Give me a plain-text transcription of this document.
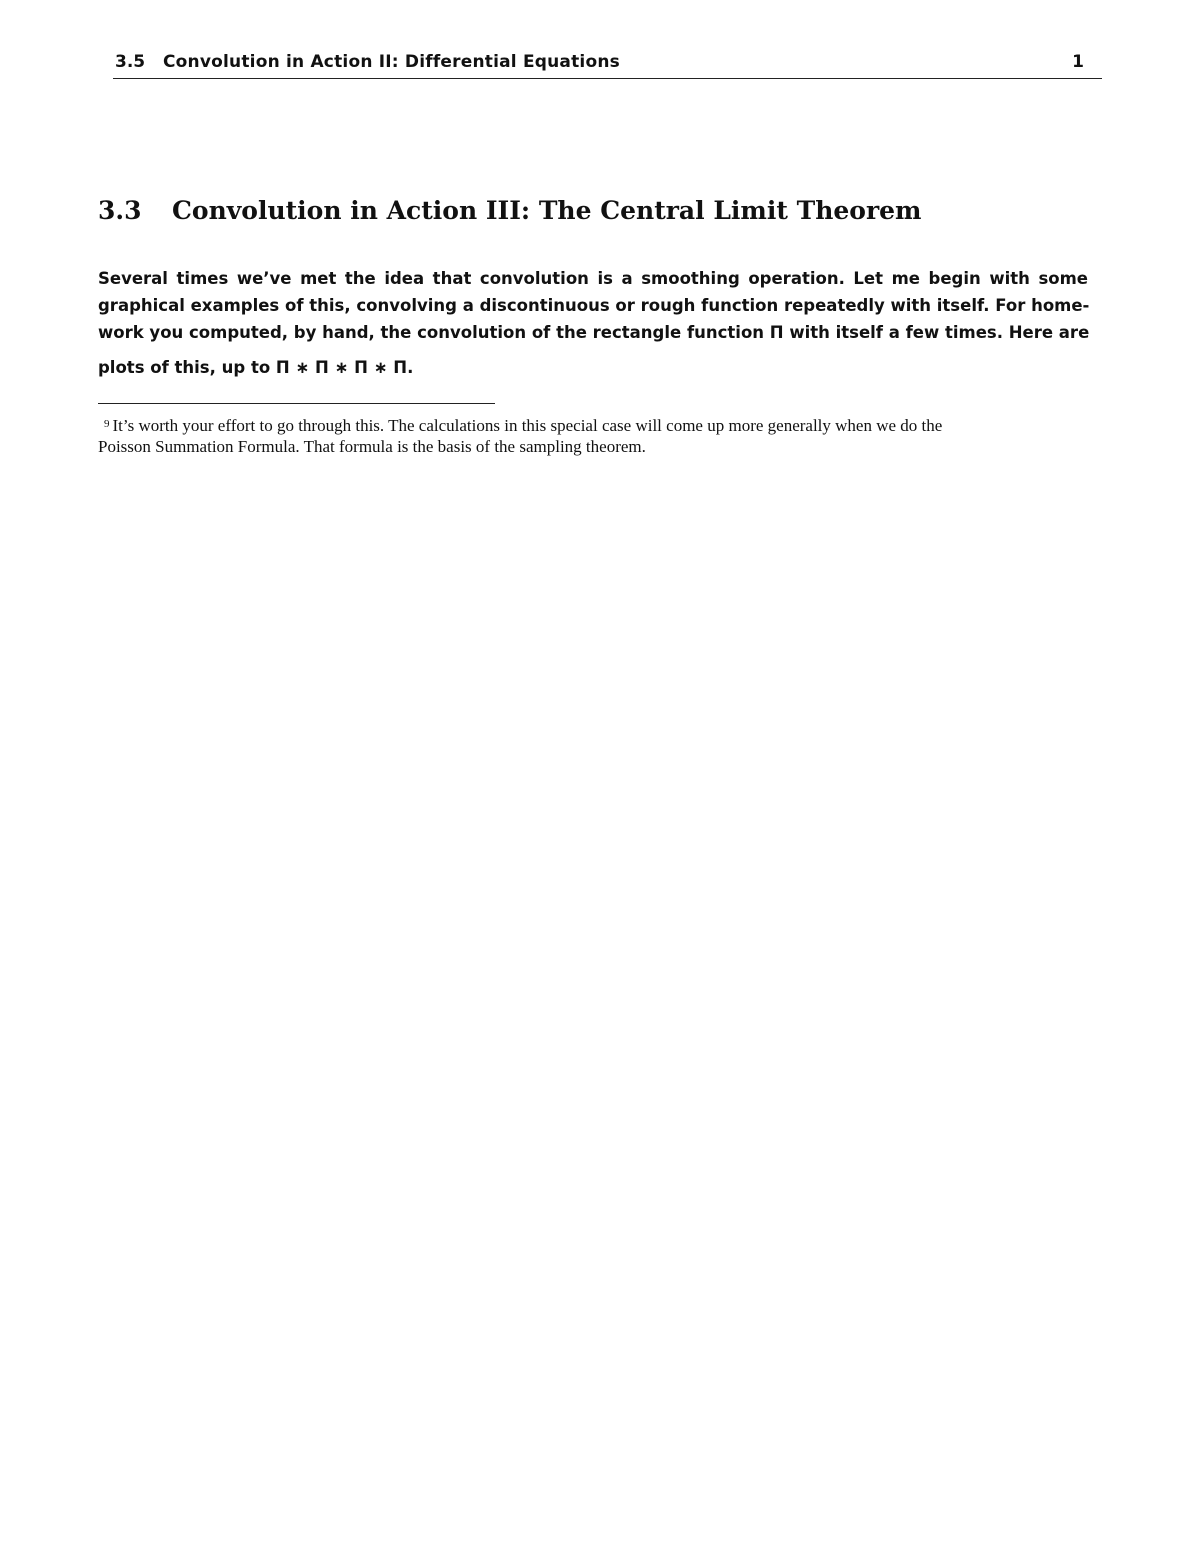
3.5 Convolution in Action II: Differential Equations	1
3.3 Convolution in Action III: The Central Limit Theorem
Several times we’ve met the idea that convolution is a smoothing operation. Let me begin with some
graphical examples of this, convolving a discontinuous or rough function repeatedly with itself. For home-
work you computed, by hand, the convolution of the rectangle function Π with itself a few times. Here are
plots of this, up to Π ∗ Π ∗ Π ∗ Π.
$^9$ It’s worth your effort to go through this. The calculations in this special case will come up more generally when we do the
Poisson Summation Formula. That formula is the basis of the sampling theorem.
